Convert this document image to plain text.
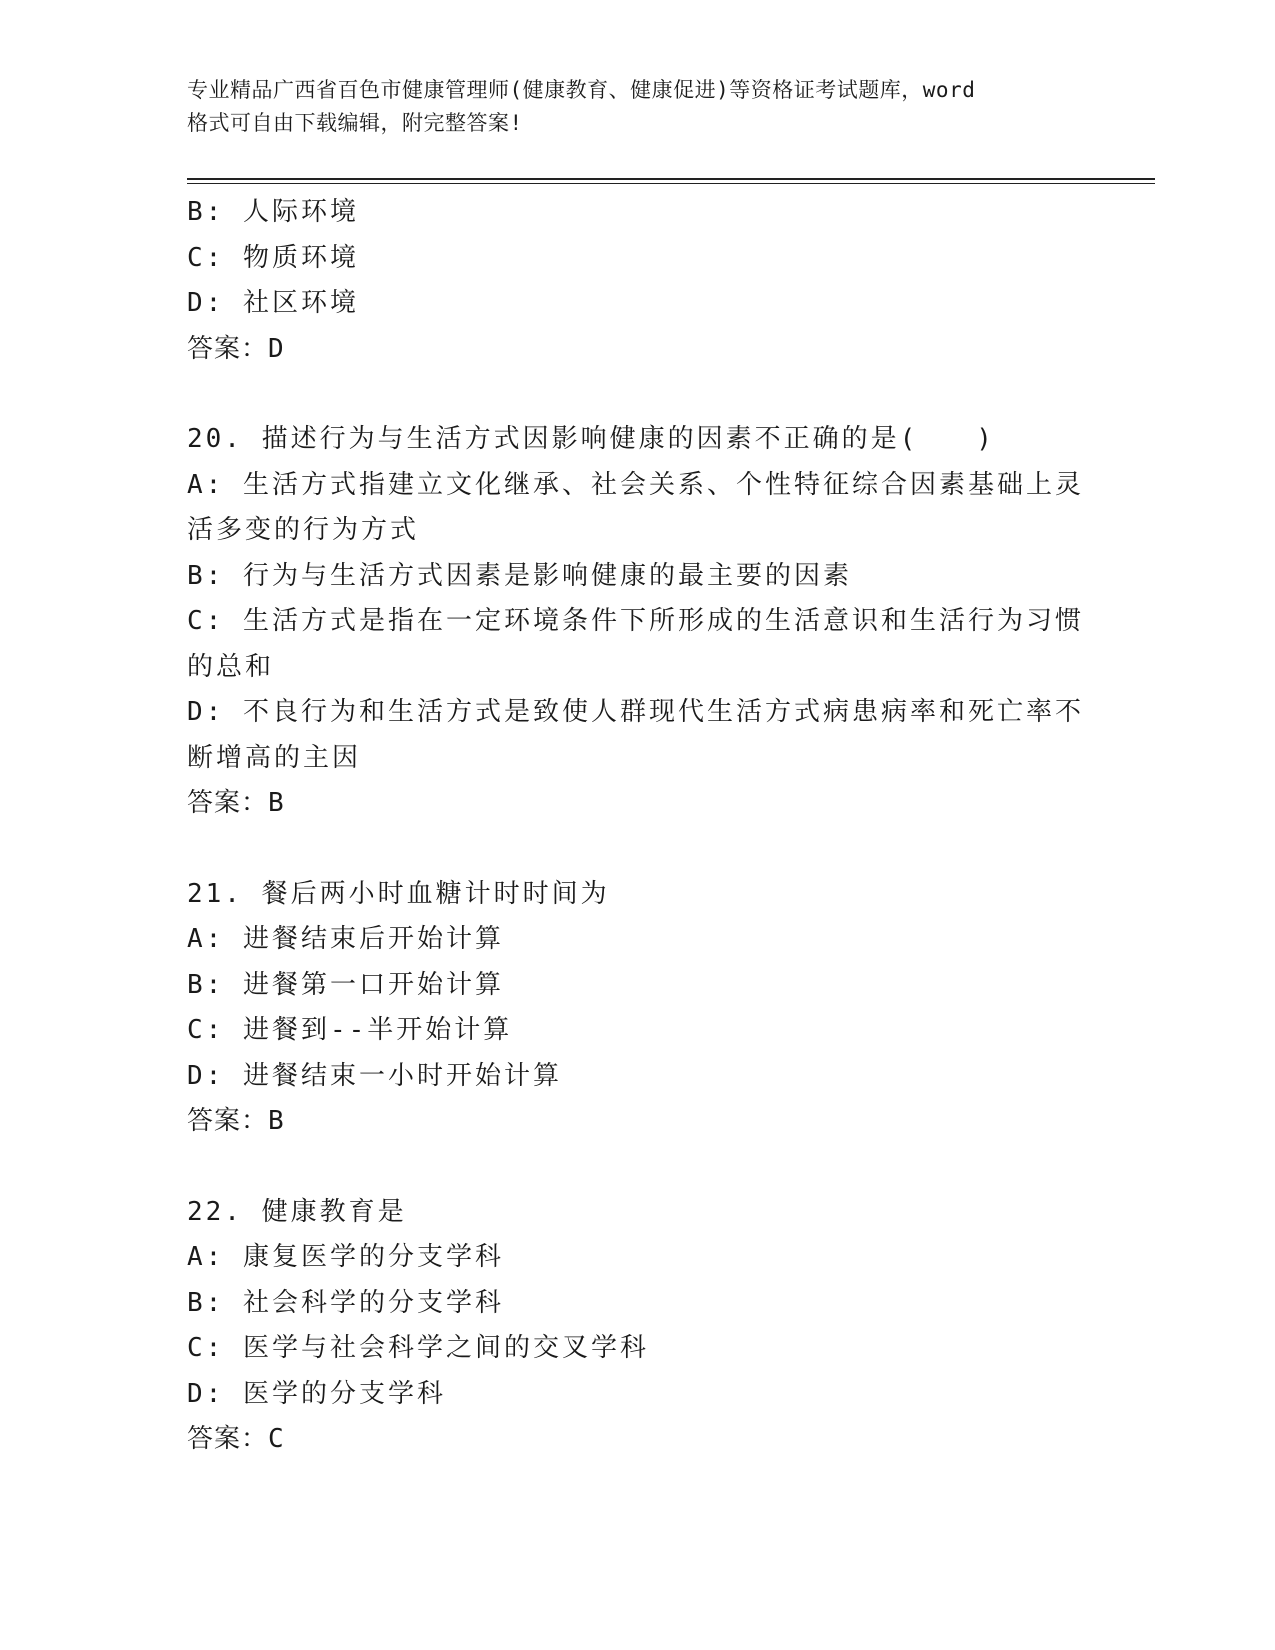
专业精品广西省百色市健康管理师(健康教育、健康促进)等资格证考试题库，word
格式可自由下载编辑，附完整答案!
B: 人际环境
C: 物质环境
D: 社区环境
答案：D
20. 描述行为与生活方式因影响健康的因素不正确的是(　　)
A: 生活方式指建立文化继承、社会关系、个性特征综合因素基础上灵
活多变的行为方式
B: 行为与生活方式因素是影响健康的最主要的因素
C: 生活方式是指在一定环境条件下所形成的生活意识和生活行为习惯
的总和
D: 不良行为和生活方式是致使人群现代生活方式病患病率和死亡率不
断增高的主因
答案：B
21. 餐后两小时血糖计时时间为
A: 进餐结束后开始计算
B: 进餐第一口开始计算
C: 进餐到--半开始计算
D: 进餐结束一小时开始计算
答案：B
22. 健康教育是
A: 康复医学的分支学科
B: 社会科学的分支学科
C: 医学与社会科学之间的交叉学科
D: 医学的分支学科
答案：C
